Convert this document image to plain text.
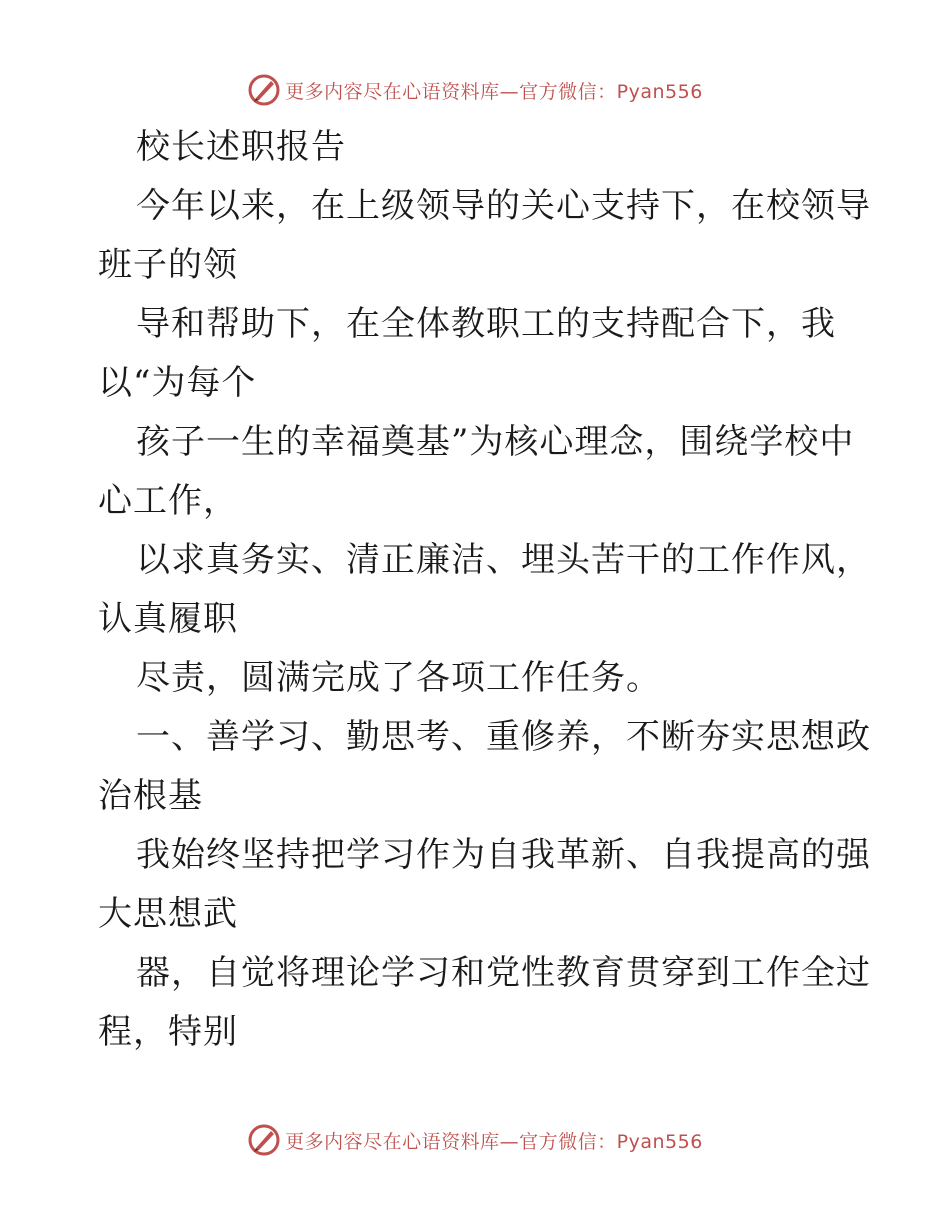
更多内容尽在心语资料库—官方微信：Pyan556
校长述职报告
今年以来，在上级领导的关心支持下，在校领导
班子的领
导和帮助下，在全体教职工的支持配合下，我
以“为每个
孩子一生的幸福奠基”为核心理念，围绕学校中
心工作，
以求真务实、清正廉洁、埋头苦干的工作作风，
认真履职
尽责，圆满完成了各项工作任务。
一、善学习、勤思考、重修养，不断夯实思想政
治根基
我始终坚持把学习作为自我革新、自我提高的强
大思想武
器，自觉将理论学习和党性教育贯穿到工作全过
程，特别
更多内容尽在心语资料库—官方微信：Pyan556
